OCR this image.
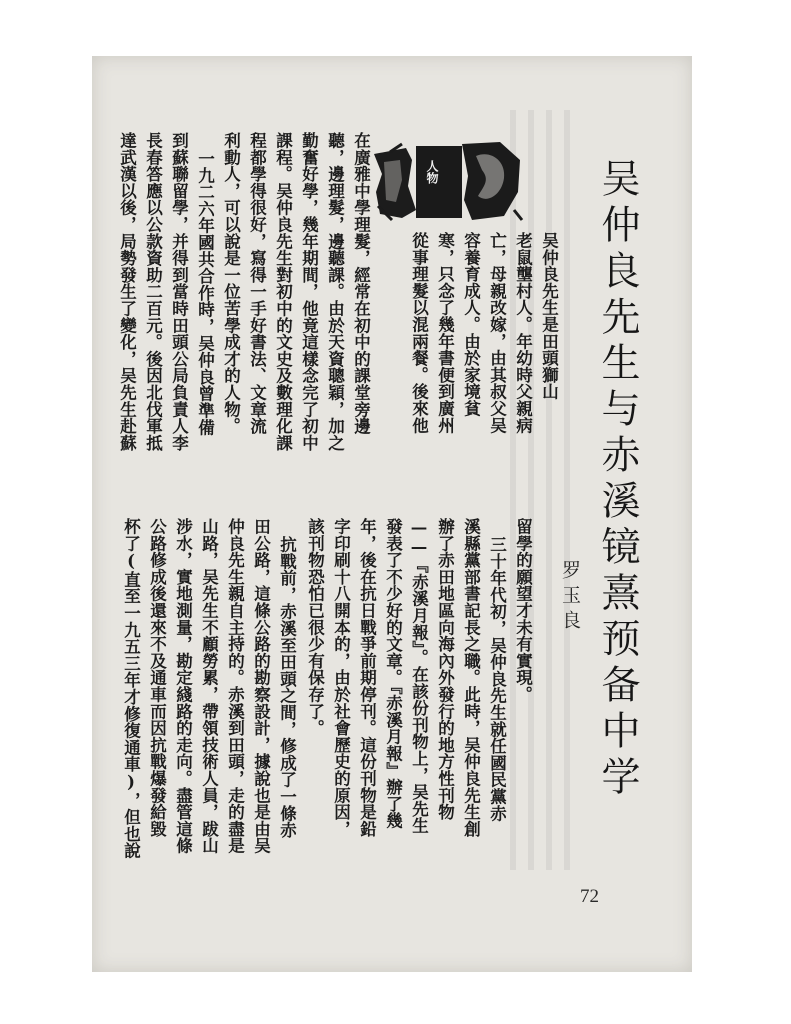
吴仲良先生与赤溪镜熹预备中学
罗玉良
人物
吴仲良先生是田頭獅山
老鼠壟村人。年幼時父親病
亡，母親改嫁，由其叔父吴
容養育成人。由於家境貧
寒，只念了幾年書便到廣州
從事理髮以混兩餐。後來他
在廣雅中學理髮，經常在初中的課堂旁邊
聽，邊理髮，邊聽課。由於天資聰穎，加之
勤奮好學，幾年期間，他竟這樣念完了初中
課程。吴仲良先生對初中的文史及數理化課
程都學得很好，寫得一手好書法、文章流
利動人，可以說是一位苦學成才的人物。
一九二六年國共合作時，吴仲良曾準備
到蘇聯留學，并得到當時田頭公局負責人李
長春答應以公款資助二百元。後因北伐軍抵
達武漢以後，局勢發生了變化，吴先生赴蘇
留學的願望才未有實現。
三十年代初，吴仲良先生就任國民黨赤
溪縣黨部書記長之職。此時，吴仲良先生創
辦了赤田地區向海內外發行的地方性刊物
——『赤溪月報』。在該份刊物上，吴先生
發表了不少好的文章。『赤溪月報』辦了幾
年，後在抗日戰爭前期停刊。這份刊物是鉛
字印刷十八開本的，由於社會歷史的原因，
該刊物恐怕已很少有保存了。
抗戰前，赤溪至田頭之間，修成了一條赤
田公路，這條公路的勘察設計，據說也是由吴
仲良先生親自主持的。赤溪到田頭，走的盡是
山路，吴先生不顧勞累，帶領技術人員，跋山
涉水，實地測量，勘定綫路的走向。盡管這條
公路修成後還來不及通車而因抗戰爆發給毀
杯了(直至一九五三年才修復通車)，但也說
72
